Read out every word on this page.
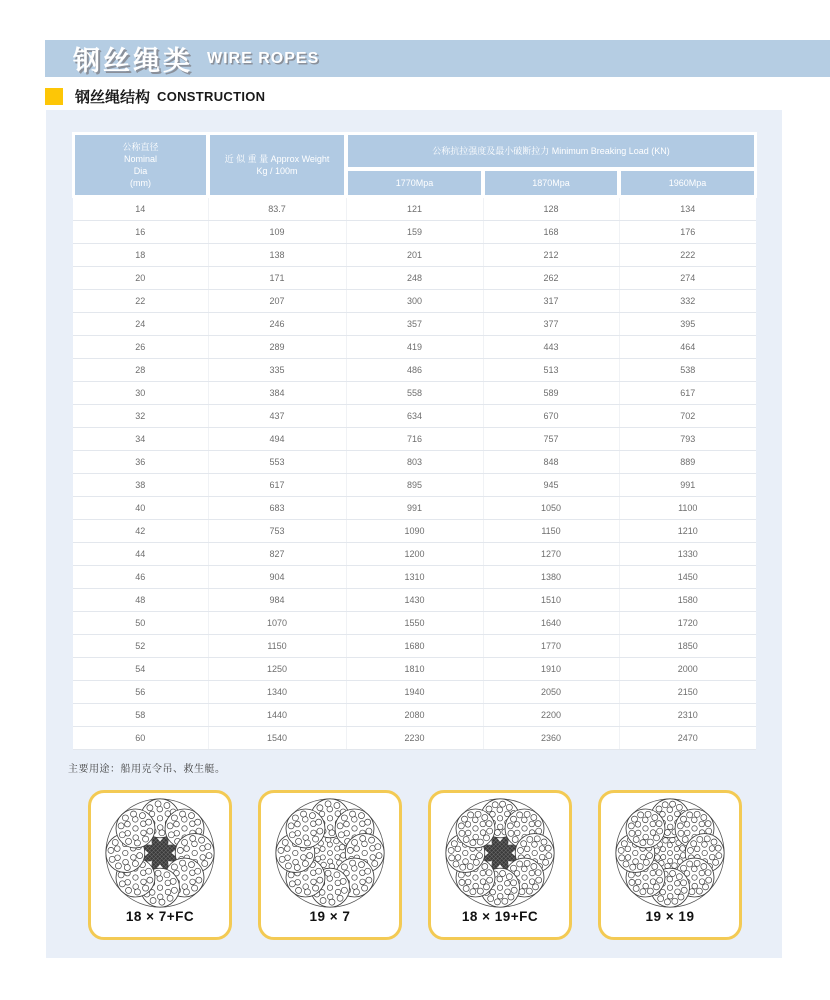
钢丝绳类 WIRE ROPES
钢丝绳结构 CONSTRUCTION
公称直径
Nominal
Dia
(mm)	近 似 重 量 Approx Weight
Kg / 100m	公称抗拉强度及最小破断拉力 Minimum Breaking Load (KN)		

		1770Mpa	1870Mpa	1960Mpa

14	83.7	121	128	134
16	109	159	168	176
18	138	201	212	222
20	171	248	262	274
22	207	300	317	332
24	246	357	377	395
26	289	419	443	464
28	335	486	513	538
30	384	558	589	617
32	437	634	670	702
34	494	716	757	793
36	553	803	848	889
38	617	895	945	991
40	683	991	1050	1100
42	753	1090	1150	1210
44	827	1200	1270	1330
46	904	1310	1380	1450
48	984	1430	1510	1580
50	1070	1550	1640	1720
52	1150	1680	1770	1850
54	1250	1810	1910	2000
56	1340	1940	2050	2150
58	1440	2080	2200	2310
60	1540	2230	2360	2470
主要用途：船用克令吊、救生艇。
18 × 7+FC	19 × 7	18 × 19+FC	19 × 19
